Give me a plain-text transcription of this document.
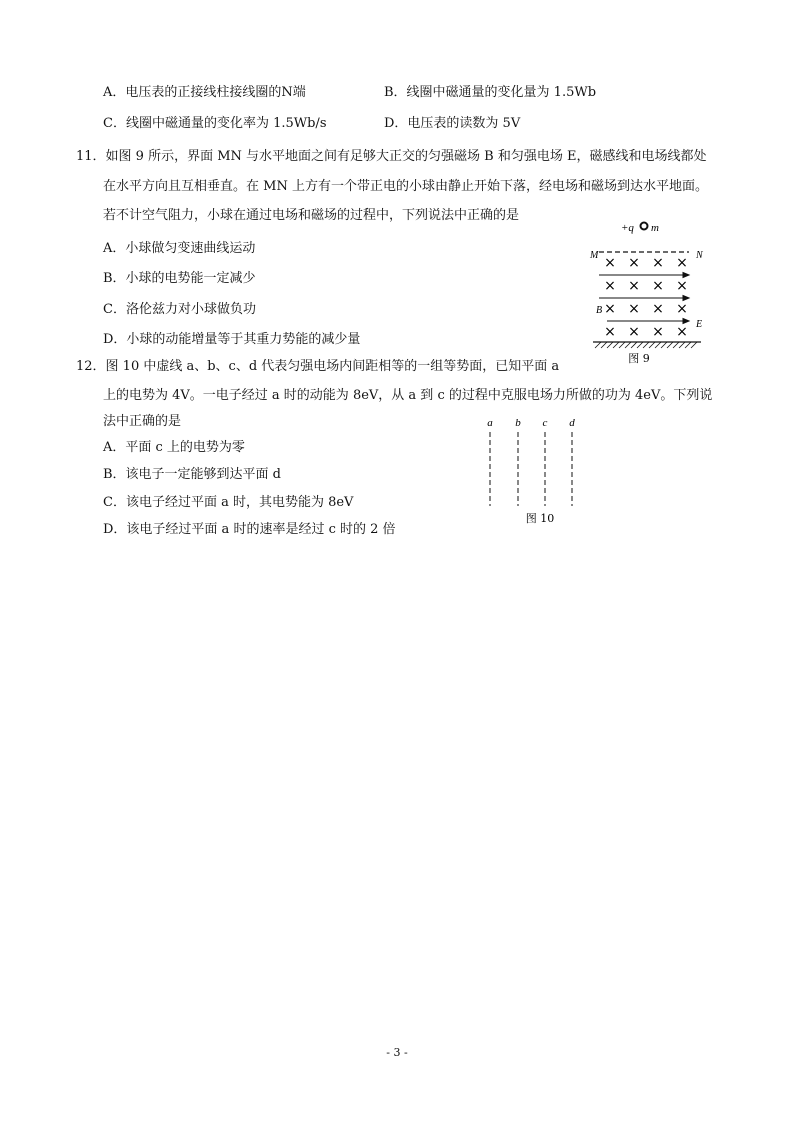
A．电压表的正接线柱接线圈的N端	B．线圈中磁通量的变化量为 1.5Wb
C．线圈中磁通量的变化率为 1.5Wb/s	D．电压表的读数为 5V
11．如图 9 所示，界面 MN 与水平地面之间有足够大正交的匀强磁场 B 和匀强电场 E，磁感线和电场线都处
在水平方向且互相垂直。在 MN 上方有一个带正电的小球由静止开始下落，经电场和磁场到达水平地面。
若不计空气阻力，小球在通过电场和磁场的过程中，下列说法中正确的是
A．小球做匀变速曲线运动
B．小球的电势能一定减少
C．洛伦兹力对小球做负功
D．小球的动能增量等于其重力势能的减少量
+q m
M	N
× × × ×
× × × ×
× × × ×
× × × ×
B
E
图 9
12．图 10 中虚线 a、b、c、d 代表匀强电场内间距相等的一组等势面，已知平面 a
上的电势为 4V。一电子经过 a 时的动能为 8eV，从 a 到 c 的过程中克服电场力所做的功为 4eV。下列说
法中正确的是
A．平面 c 上的电势为零
B．该电子一定能够到达平面 d
C．该电子经过平面 a 时，其电势能为 8eV
D．该电子经过平面 a 时的速率是经过 c 时的 2 倍
a b c d
图 10
- 3 -
